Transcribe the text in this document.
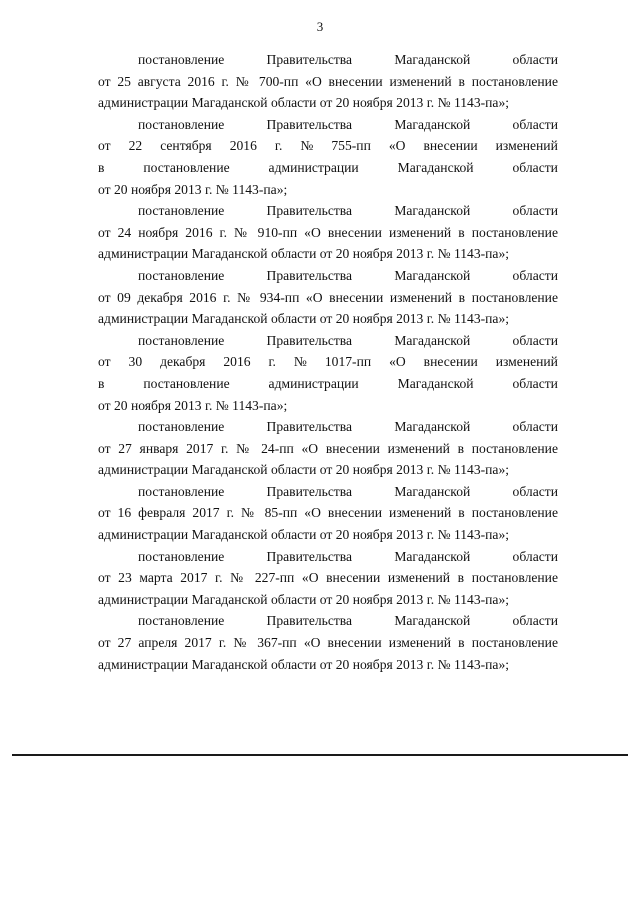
3
постановление	Правительства	Магаданской	области
от 25 августа 2016 г. № 700-пп «О внесении изменений в постановление
администрации Магаданской области от 20 ноября 2013 г. № 1143-па»;
постановление	Правительства	Магаданской	области
от 22 сентября 2016 г. № 755-пп «О внесении изменений
в	постановление	администрации	Магаданской	области
от 20 ноября 2013 г. № 1143-па»;
постановление	Правительства	Магаданской	области
от 24 ноября 2016 г. № 910-пп «О внесении изменений в постановление
администрации Магаданской области от 20 ноября 2013 г. № 1143-па»;
постановление	Правительства	Магаданской	области
от 09 декабря 2016 г. № 934-пп «О внесении изменений в постановление
администрации Магаданской области от 20 ноября 2013 г. № 1143-па»;
постановление	Правительства	Магаданской	области
от 30 декабря 2016 г. № 1017-пп «О внесении изменений
в	постановление	администрации	Магаданской	области
от 20 ноября 2013 г. № 1143-па»;
постановление	Правительства	Магаданской	области
от 27 января 2017 г. № 24-пп «О внесении изменений в постановление
администрации Магаданской области от 20 ноября 2013 г. № 1143-па»;
постановление	Правительства	Магаданской	области
от 16 февраля 2017 г. № 85-пп «О внесении изменений в постановление
администрации Магаданской области от 20 ноября 2013 г. № 1143-па»;
постановление	Правительства	Магаданской	области
от 23 марта 2017 г. № 227-пп «О внесении изменений в постановление
администрации Магаданской области от 20 ноября 2013 г. № 1143-па»;
постановление	Правительства	Магаданской	области
от 27 апреля 2017 г. № 367-пп «О внесении изменений в постановление
администрации Магаданской области от 20 ноября 2013 г. № 1143-па»;
